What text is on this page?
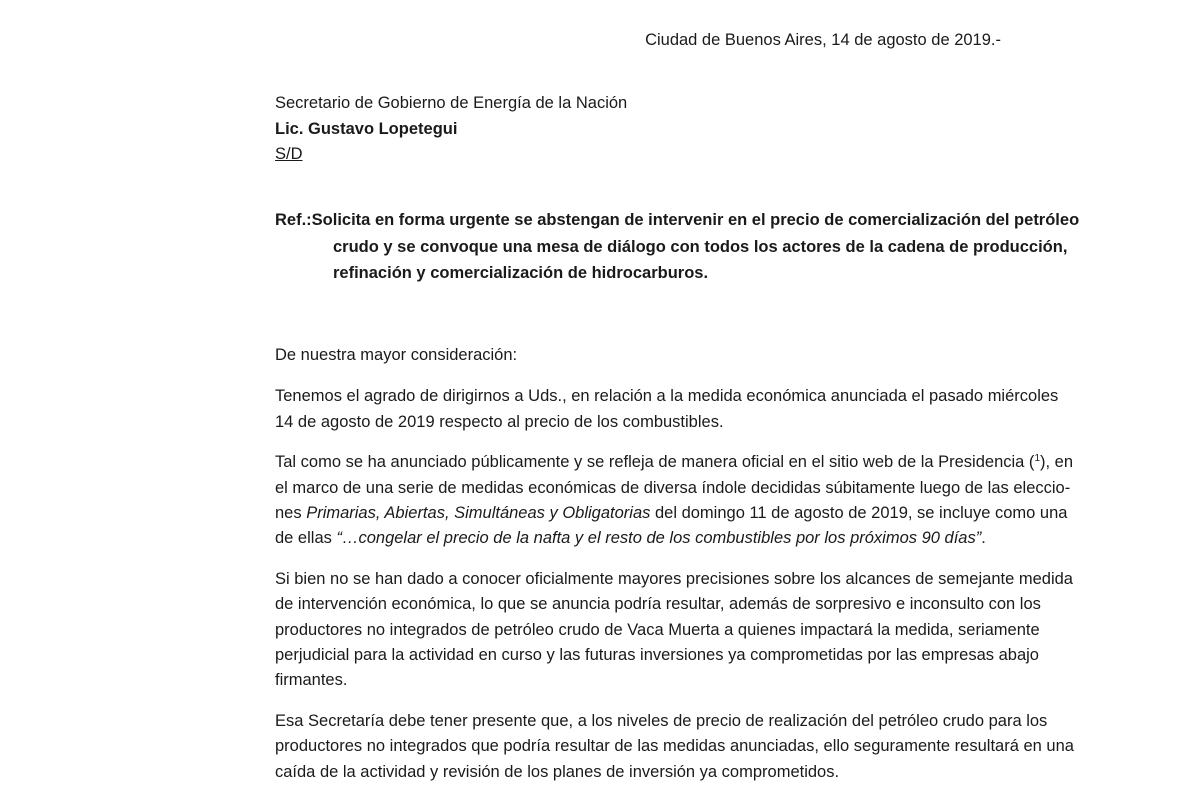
Ciudad de Buenos Aires, 14 de agosto de 2019.-
Secretario de Gobierno de Energía de la Nación
Lic. Gustavo Lopetegui
S/D
Ref.: Solicita en forma urgente se abstengan de intervenir en el precio de comercialización del petróleo
crudo y se convoque una mesa de diálogo con todos los actores de la cadena de producción,
refinación y comercialización de hidrocarburos.

De nuestra mayor consideración:

Tenemos el agrado de dirigirnos a Uds., en relación a la medida económica anunciada el pasado miércoles
14 de agosto de 2019 respecto al precio de los combustibles.

Tal como se ha anunciado públicamente y se refleja de manera oficial en el sitio web de la Presidencia ($^1$), en
el marco de una serie de medidas económicas de diversa índole decididas súbitamente luego de las eleccio-
nes Primarias, Abiertas, Simultáneas y Obligatorias del domingo 11 de agosto de 2019, se incluye como una
de ellas “…congelar el precio de la nafta y el resto de los combustibles por los próximos 90 días”.

Si bien no se han dado a conocer oficialmente mayores precisiones sobre los alcances de semejante medida
de intervención económica, lo que se anuncia podría resultar, además de sorpresivo e inconsulto con los
productores no integrados de petróleo crudo de Vaca Muerta a quienes impactará la medida, seriamente
perjudicial para la actividad en curso y las futuras inversiones ya comprometidas por las empresas abajo
firmantes.

Esa Secretaría debe tener presente que, a los niveles de precio de realización del petróleo crudo para los
productores no integrados que podría resultar de las medidas anunciadas, ello seguramente resultará en una
caída de la actividad y revisión de los planes de inversión ya comprometidos.
